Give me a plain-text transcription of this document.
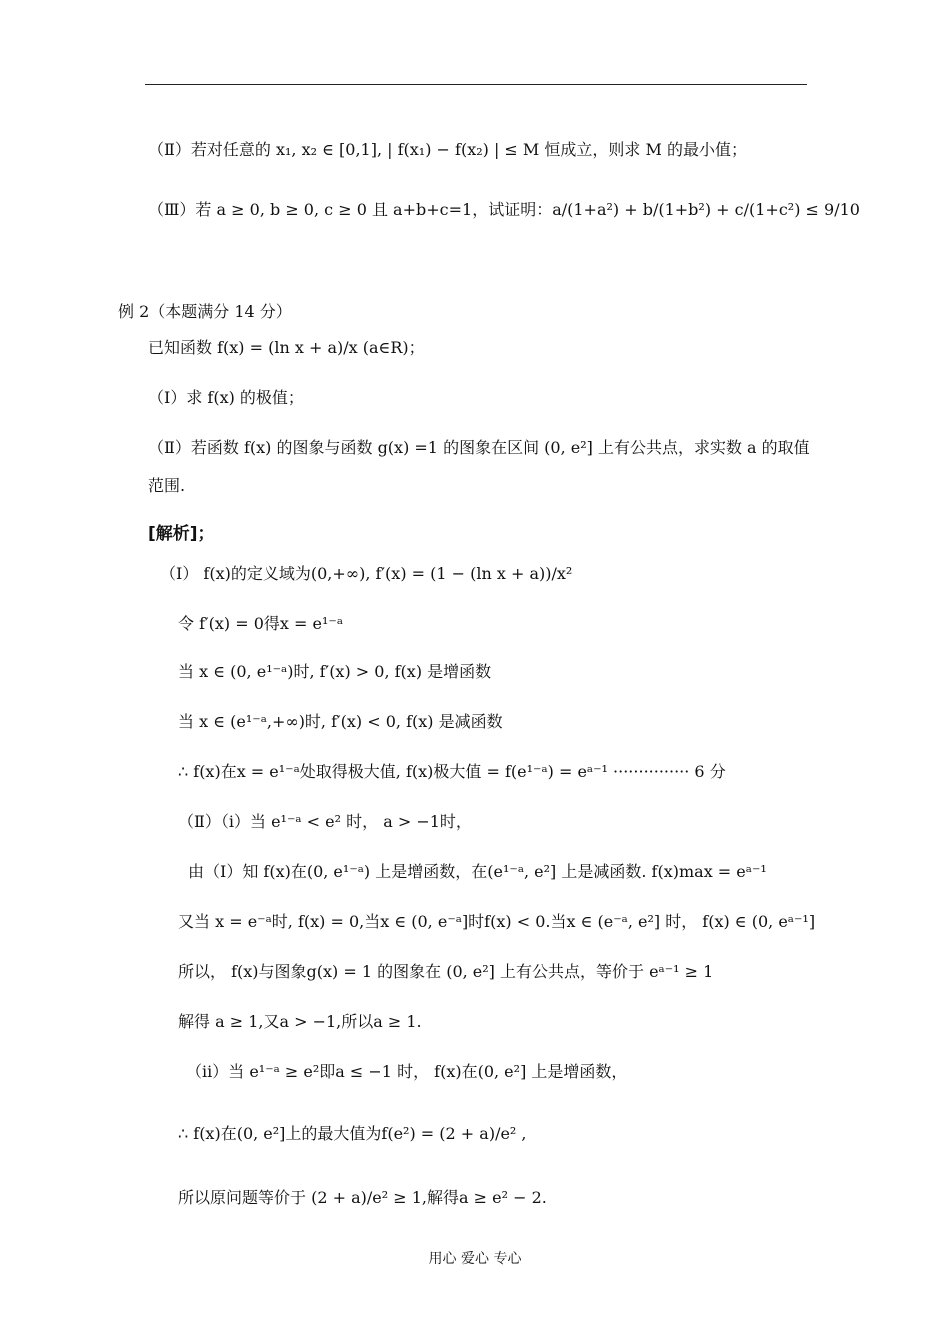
（Ⅱ）若对任意的 x₁, x₂ ∈ [0,1], | f(x₁) − f(x₂) | ≤ M 恒成立，则求 M 的最小值；
（Ⅲ）若 a ≥ 0, b ≥ 0, c ≥ 0 且 a+b+c=1，试证明：a/(1+a²) + b/(1+b²) + c/(1+c²) ≤ 9/10
例 2（本题满分 14 分）
已知函数 f(x) = (ln x + a)/x (a∈R)；
（Ⅰ）求 f(x) 的极值；
（Ⅱ）若函数 f(x) 的图象与函数 g(x) =1 的图象在区间 (0, e²] 上有公共点，求实数 a 的取值
范围.
[解析]；
（Ⅰ） f(x)的定义域为(0,+∞), f′(x) = (1 − (ln x + a))/x²
令 f′(x) = 0得x = e¹⁻ᵃ
当 x ∈ (0, e¹⁻ᵃ)时, f′(x) > 0, f(x) 是增函数
当 x ∈ (e¹⁻ᵃ,+∞)时, f′(x) < 0, f(x) 是减函数
∴ f(x)在x = e¹⁻ᵃ处取得极大值, f(x)极大值 = f(e¹⁻ᵃ) = eᵃ⁻¹ ··············· 6 分
（Ⅱ）（i）当 e¹⁻ᵃ < e² 时， a > −1时，
由（Ⅰ）知 f(x)在(0, e¹⁻ᵃ) 上是增函数，在(e¹⁻ᵃ, e²] 上是减函数. f(x)max = eᵃ⁻¹
又当 x = e⁻ᵃ时, f(x) = 0,当x ∈ (0, e⁻ᵃ]时f(x) < 0.当x ∈ (e⁻ᵃ, e²] 时， f(x) ∈ (0, eᵃ⁻¹]
所以， f(x)与图象g(x) = 1 的图象在 (0, e²] 上有公共点，等价于 eᵃ⁻¹ ≥ 1
解得 a ≥ 1,又a > −1,所以a ≥ 1.
（ii）当 e¹⁻ᵃ ≥ e²即a ≤ −1 时， f(x)在(0, e²] 上是增函数，
∴ f(x)在(0, e²]上的最大值为f(e²) = (2 + a)/e² ,
所以原问题等价于 (2 + a)/e² ≥ 1,解得a ≥ e² − 2.
用心 爱心 专心
